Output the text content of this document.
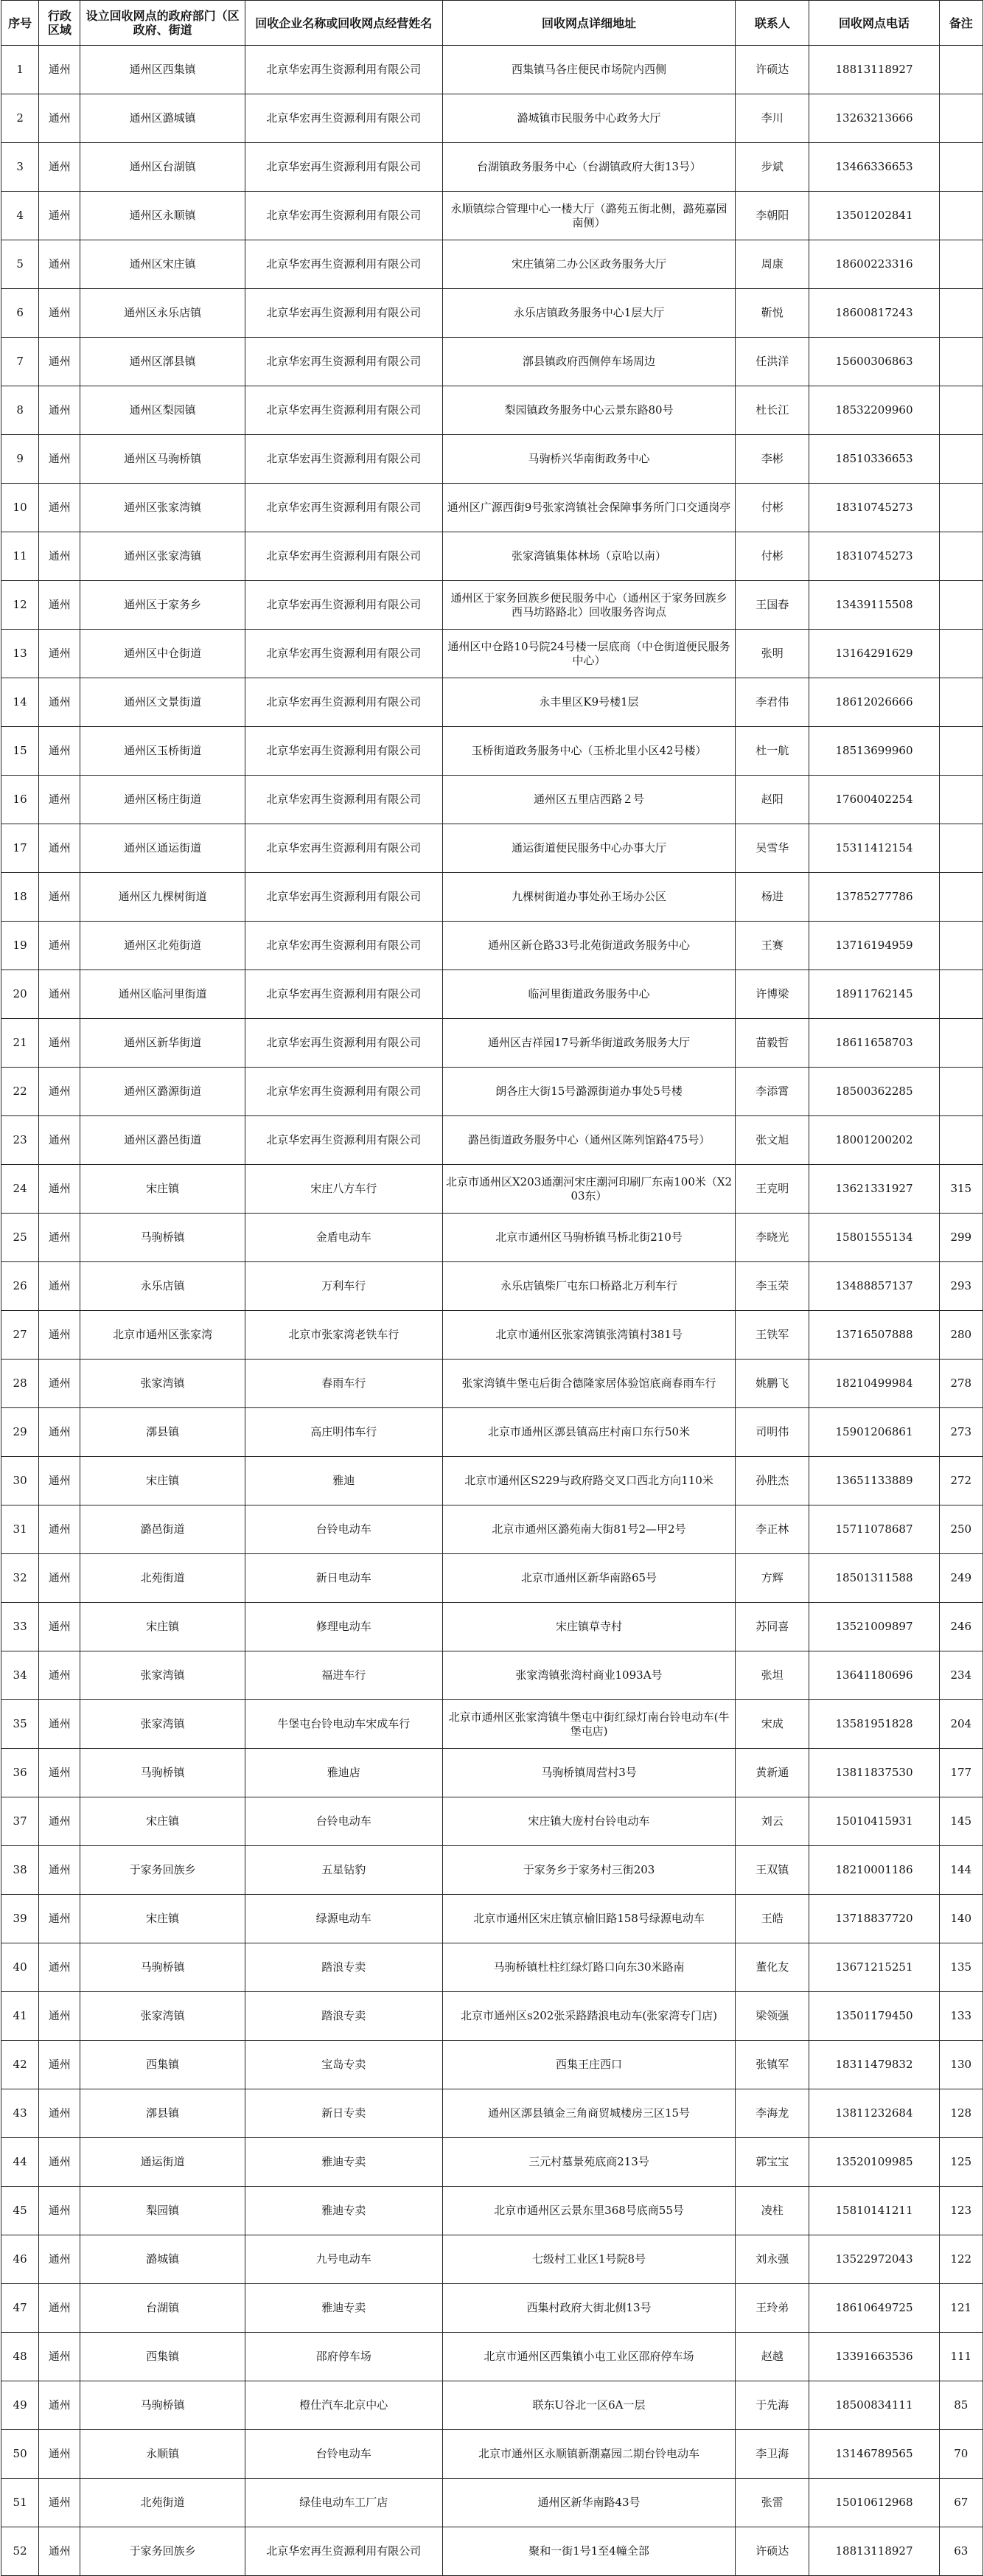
序号	行政区域	设立回收网点的政府部门（区政府、街道	回收企业名称或回收网点经营姓名	回收网点详细地址	联系人	回收网点电话	备注
1	通州	通州区西集镇	北京华宏再生资源利用有限公司	西集镇马各庄便民市场院内西侧	许硕达	18813118927	
2	通州	通州区潞城镇	北京华宏再生资源利用有限公司	潞城镇市民服务中心政务大厅	李川	13263213666	
3	通州	通州区台湖镇	北京华宏再生资源利用有限公司	台湖镇政务服务中心（台湖镇政府大街13号）	步斌	13466336653	
4	通州	通州区永顺镇	北京华宏再生资源利用有限公司	永顺镇综合管理中心一楼大厅（潞苑五街北侧，潞苑嘉园南侧）	李朝阳	13501202841	
5	通州	通州区宋庄镇	北京华宏再生资源利用有限公司	宋庄镇第二办公区政务服务大厅	周康	18600223316	
6	通州	通州区永乐店镇	北京华宏再生资源利用有限公司	永乐店镇政务服务中心1层大厅	靳悦	18600817243	
7	通州	通州区漷县镇	北京华宏再生资源利用有限公司	漷县镇政府西侧停车场周边	任洪洋	15600306863	
8	通州	通州区梨园镇	北京华宏再生资源利用有限公司	梨园镇政务服务中心云景东路80号	杜长江	18532209960	
9	通州	通州区马驹桥镇	北京华宏再生资源利用有限公司	马驹桥兴华南街政务中心	李彬	18510336653	
10	通州	通州区张家湾镇	北京华宏再生资源利用有限公司	通州区广源西街9号张家湾镇社会保障事务所门口交通岗亭	付彬	18310745273	
11	通州	通州区张家湾镇	北京华宏再生资源利用有限公司	张家湾镇集体林场（京哈以南）	付彬	18310745273	
12	通州	通州区于家务乡	北京华宏再生资源利用有限公司	通州区于家务回族乡便民服务中心（通州区于家务回族乡西马坊路路北）回收服务咨询点	王国春	13439115508	
13	通州	通州区中仓街道	北京华宏再生资源利用有限公司	通州区中仓路10号院24号楼一层底商（中仓街道便民服务中心）	张明	13164291629	
14	通州	通州区文景街道	北京华宏再生资源利用有限公司	永丰里区K9号楼1层	李君伟	18612026666	
15	通州	通州区玉桥街道	北京华宏再生资源利用有限公司	玉桥街道政务服务中心（玉桥北里小区42号楼）	杜一航	18513699960	
16	通州	通州区杨庄街道	北京华宏再生资源利用有限公司	通州区五里店西路２号	赵阳	17600402254	
17	通州	通州区通运街道	北京华宏再生资源利用有限公司	通运街道便民服务中心办事大厅	吴雪华	15311412154	
18	通州	通州区九棵树街道	北京华宏再生资源利用有限公司	九棵树街道办事处孙王场办公区	杨进	13785277786	
19	通州	通州区北苑街道	北京华宏再生资源利用有限公司	通州区新仓路33号北苑街道政务服务中心	王赛	13716194959	
20	通州	通州区临河里街道	北京华宏再生资源利用有限公司	临河里街道政务服务中心	许博梁	18911762145	
21	通州	通州区新华街道	北京华宏再生资源利用有限公司	通州区吉祥园17号新华街道政务服务大厅	苗毅哲	18611658703	
22	通州	通州区潞源街道	北京华宏再生资源利用有限公司	朗各庄大街15号潞源街道办事处5号楼	李添霄	18500362285	
23	通州	通州区潞邑街道	北京华宏再生资源利用有限公司	潞邑街道政务服务中心（通州区陈列馆路475号）	张文旭	18001200202	
24	通州	宋庄镇	宋庄八方车行	北京市通州区X203通潮河宋庄潮河印刷厂东南100米（X203东）	王克明	13621331927	315
25	通州	马驹桥镇	金盾电动车	北京市通州区马驹桥镇马桥北街210号	李晓光	15801555134	299
26	通州	永乐店镇	万利车行	永乐店镇柴厂屯东口桥路北万利车行	李玉荣	13488857137	293
27	通州	北京市通州区张家湾	北京市张家湾老铁车行	北京市通州区张家湾镇张湾镇村381号	王铁军	13716507888	280
28	通州	张家湾镇	春雨车行	张家湾镇牛堡屯后街合德隆家居体验馆底商春雨车行	姚鹏飞	18210499984	278
29	通州	漷县镇	高庄明伟车行	北京市通州区漷县镇高庄村南口东行50米	司明伟	15901206861	273
30	通州	宋庄镇	雅迪	北京市通州区S229与政府路交叉口西北方向110米	孙胜杰	13651133889	272
31	通州	潞邑街道	台铃电动车	北京市通州区潞苑南大街81号2—甲2号	李正林	15711078687	250
32	通州	北苑街道	新日电动车	北京市通州区新华南路65号	方辉	18501311588	249
33	通州	宋庄镇	修理电动车	宋庄镇草寺村	苏同喜	13521009897	246
34	通州	张家湾镇	福进车行	张家湾镇张湾村商业1093A号	张坦	13641180696	234
35	通州	张家湾镇	牛堡屯台铃电动车宋成车行	北京市通州区张家湾镇牛堡屯中街红绿灯南台铃电动车(牛堡屯店)	宋成	13581951828	204
36	通州	马驹桥镇	雅迪店	马驹桥镇周营村3号	黄新通	13811837530	177
37	通州	宋庄镇	台铃电动车	宋庄镇大庞村台铃电动车	刘云	15010415931	145
38	通州	于家务回族乡	五星钻豹	于家务乡于家务村三街203	王双镇	18210001186	144
39	通州	宋庄镇	绿源电动车	北京市通州区宋庄镇京榆旧路158号绿源电动车	王皓	13718837720	140
40	通州	马驹桥镇	踏浪专卖	马驹桥镇杜柱红绿灯路口向东30米路南	董化友	13671215251	135
41	通州	张家湾镇	踏浪专卖	北京市通州区s202张采路踏浪电动车(张家湾专门店)	梁领强	13501179450	133
42	通州	西集镇	宝岛专卖	西集王庄西口	张镇军	18311479832	130
43	通州	漷县镇	新日专卖	通州区漷县镇金三角商贸城楼房三区15号	李海龙	13811232684	128
44	通州	通运街道	雅迪专卖	三元村墓景苑底商213号	郭宝宝	13520109985	125
45	通州	梨园镇	雅迪专卖	北京市通州区云景东里368号底商55号	凌柱	15810141211	123
46	通州	潞城镇	九号电动车	七级村工业区1号院8号	刘永强	13522972043	122
47	通州	台湖镇	雅迪专卖	西集村政府大街北侧13号	王玲弟	18610649725	121
48	通州	西集镇	邵府停车场	北京市通州区西集镇小屯工业区邵府停车场	赵越	13391663536	111
49	通州	马驹桥镇	橙仕汽车北京中心	联东U谷北一区6A一层	于先海	18500834111	85
50	通州	永顺镇	台铃电动车	北京市通州区永顺镇新潮嘉园二期台铃电动车	李卫海	13146789565	70
51	通州	北苑街道	绿佳电动车工厂店	通州区新华南路43号	张雷	15010612968	67
52	通州	于家务回族乡	北京华宏再生资源利用有限公司	聚和一街1号1至4幢全部	许硕达	18813118927	63
